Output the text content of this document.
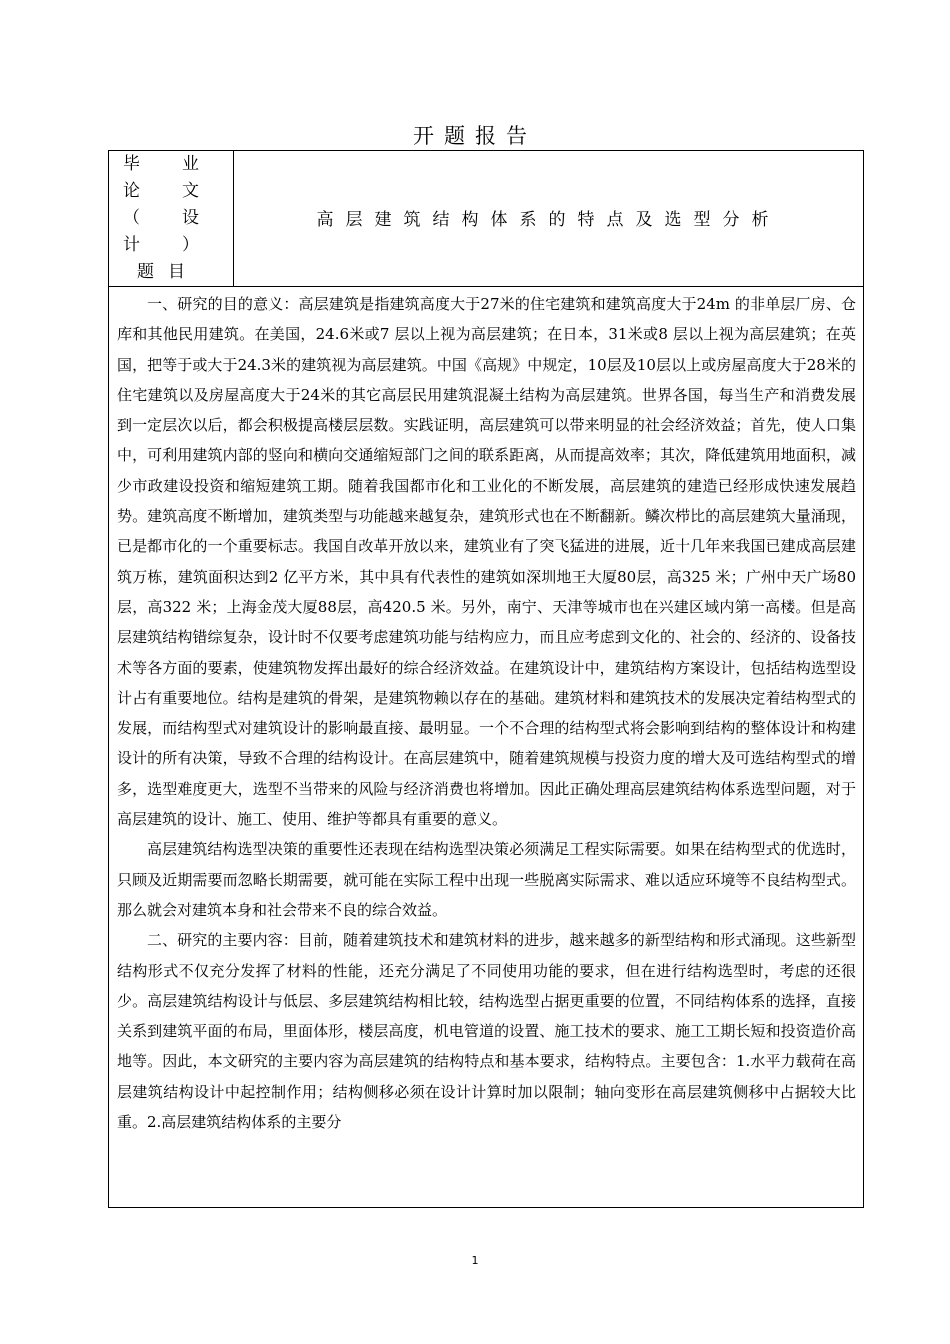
开题报告
毕业论文（设计）题目
	高层建筑结构体系的特点及选型分析

一、研究的目的意义：高层建筑是指建筑高度大于27米的住宅建筑和建筑高度大于24m 的非单层厂房、仓库和其他民用建筑。在美国，24.6米或7 层以上视为高层建筑；在日本，31米或8 层以上视为高层建筑；在英国，把等于或大于24.3米的建筑视为高层建筑。中国《高规》中规定，10层及10层以上或房屋高度大于28米的住宅建筑以及房屋高度大于24米的其它高层民用建筑混凝土结构为高层建筑。世界各国，每当生产和消费发展到一定层次以后，都会积极提高楼层层数。实践证明，高层建筑可以带来明显的社会经济效益；首先，使人口集中，可利用建筑内部的竖向和横向交通缩短部门之间的联系距离，从而提高效率；其次，降低建筑用地面积，减少市政建设投资和缩短建筑工期。随着我国都市化和工业化的不断发展，高层建筑的建造已经形成快速发展趋势。建筑高度不断增加，建筑类型与功能越来越复杂，建筑形式也在不断翻新。鳞次栉比的高层建筑大量涌现，已是都市化的一个重要标志。我国自改革开放以来，建筑业有了突飞猛进的进展，近十几年来我国已建成高层建筑万栋，建筑面积达到2 亿平方米，其中具有代表性的建筑如深圳地王大厦80层，高325 米；广州中天广场80层，高322 米；上海金茂大厦88层，高420.5 米。另外，南宁、天津等城市也在兴建区域内第一高楼。但是高层建筑结构错综复杂，设计时不仅要考虑建筑功能与结构应力，而且应考虑到文化的、社会的、经济的、设备技术等各方面的要素，使建筑物发挥出最好的综合经济效益。在建筑设计中，建筑结构方案设计，包括结构选型设计占有重要地位。结构是建筑的骨架，是建筑物赖以存在的基础。建筑材料和建筑技术的发展决定着结构型式的发展，而结构型式对建筑设计的影响最直接、最明显。一个不合理的结构型式将会影响到结构的整体设计和构建设计的所有决策，导致不合理的结构设计。在高层建筑中，随着建筑规模与投资力度的增大及可选结构型式的增多，选型难度更大，选型不当带来的风险与经济消费也将增加。因此正确处理高层建筑结构体系选型问题，对于高层建筑的设计、施工、使用、维护等都具有重要的意义。

高层建筑结构选型决策的重要性还表现在结构选型决策必须满足工程实际需要。如果在结构型式的优选时，只顾及近期需要而忽略长期需要，就可能在实际工程中出现一些脱离实际需求、难以适应环境等不良结构型式。那么就会对建筑本身和社会带来不良的综合效益。

二、研究的主要内容：目前，随着建筑技术和建筑材料的进步，越来越多的新型结构和形式涌现。这些新型结构形式不仅充分发挥了材料的性能，还充分满足了不同使用功能的要求，但在进行结构选型时，考虑的还很少。高层建筑结构设计与低层、多层建筑结构相比较，结构选型占据更重要的位置，不同结构体系的选择，直接关系到建筑平面的布局，里面体形，楼层高度，机电管道的设置、施工技术的要求、施工工期长短和投资造价高地等。因此，本文研究的主要内容为高层建筑的结构特点和基本要求，结构特点。主要包含：1.水平力载荷在高层建筑结构设计中起控制作用；结构侧移必须在设计计算时加以限制；轴向变形在高层建筑侧移中占据较大比重。2.高层建筑结构体系的主要分

1
